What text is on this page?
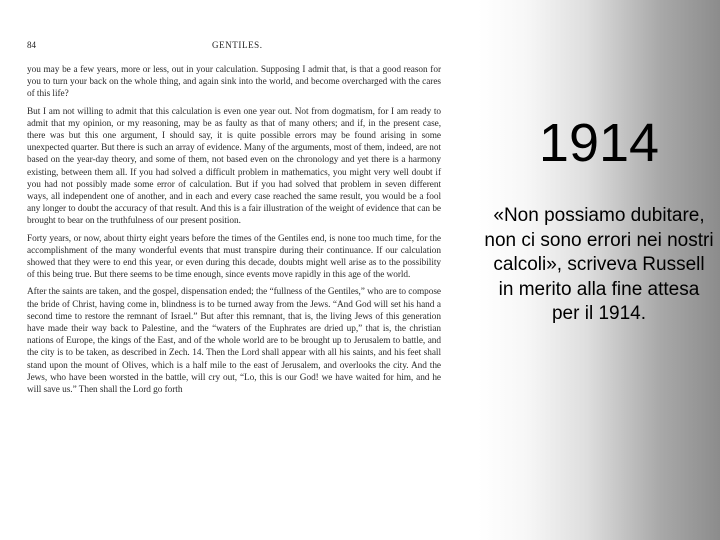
84	GENTILES.

you may be a few years, more or less, out in your calculation. Supposing I admit that, is that a good reason for you to turn your back on the whole thing, and again sink into the world, and become overcharged with the cares of this life?

But I am not willing to admit that this calculation is even one year out. Not from dogmatism, for I am ready to admit that my opinion, or my reasoning, may be as faulty as that of many others; and if, in the present case, there was but this one argument, I should say, it is quite possible errors may be found arising in some unexpected quarter. But there is such an array of evidence. Many of the arguments, most of them, indeed, are not based on the year-day theory, and some of them, not based even on the chronology and yet there is a harmony existing, between them all. If you had solved a difficult problem in mathematics, you might very well doubt if you had not possibly made some error of calculation. But if you had solved that problem in seven different ways, all independent one of another, and in each and every case reached the same result, you would be a fool any longer to doubt the accuracy of that result. And this is a fair illustration of the weight of evidence that can be brought to bear on the truthfulness of our present position.

Forty years, or now, about thirty eight years before the times of the Gentiles end, is none too much time, for the accomplishment of the many wonderful events that must transpire during their continuance. If our calculation showed that they were to end this year, or even during this decade, doubts might well arise as to the possibility of this being true. But there seems to be time enough, since events move rapidly in this age of the world.

After the saints are taken, and the gospel, dispensation ended; the “fullness of the Gentiles,” who are to compose the bride of Christ, having come in, blindness is to be turned away from the Jews. “And God will set his hand a second time to restore the remnant of Israel.” But after this remnant, that is, the living Jews of this generation have made their way back to Palestine, and the “waters of the Euphrates are dried up,” that is, the christian nations of Europe, the kings of the East, and of the whole world are to be brought up to Jerusalem to battle, and the city is to be taken, as described in Zech. 14. Then the Lord shall appear with all his saints, and his feet shall stand upon the mount of Olives, which is a half mile to the east of Jerusalem, and overlooks the city. And the Jews, who have been worsted in the battle, will cry out, “Lo, this is our God! we have waited for him, and he will save us.” Then shall the Lord go forth

1914
«Non possiamo dubitare, non ci sono errori nei nostri calcoli», scriveva Russell in merito alla fine attesa per il 1914.
